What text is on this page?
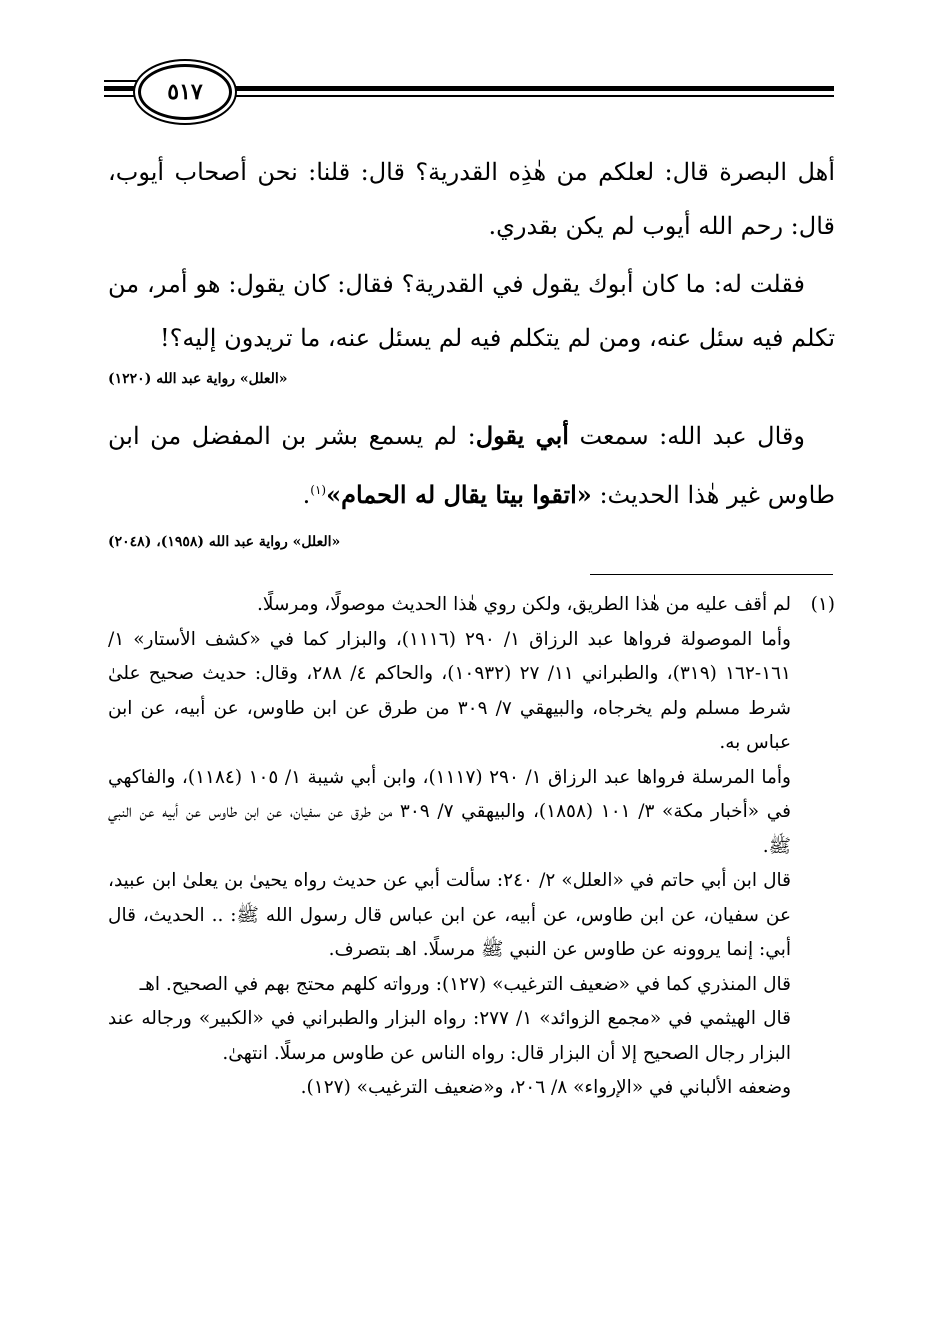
٥١٧

أهل البصرة قال: لعلكم من هٰذِه القدرية؟ قال: قلنا: نحن أصحاب أيوب، قال: رحم الله أيوب لم يكن بقدري.

فقلت له: ما كان أبوك يقول في القدرية؟ فقال: كان يقول: هو أمر، من تكلم فيه سئل عنه، ومن لم يتكلم فيه لم يسئل عنه، ما تريدون إليه؟!

«العلل» رواية عبد الله (١٢٢٠)

وقال عبد الله: سمعت أبي يقول: لم يسمع بشر بن المفضل من ابن طاوس غير هٰذا الحديث: «اتقوا بيتا يقال له الحمام»$^{(١)}$.

«العلل» رواية عبد الله (١٩٥٨)، (٢٠٤٨)

(١)
لم أقف عليه من هٰذا الطريق، ولكن روي هٰذا الحديث موصولًا، ومرسلًا.

وأما الموصولة فرواها عبد الرزاق ١/ ٢٩٠ (١١١٦)، والبزار كما في «كشف الأستار» ١/ ١٦١-١٦٢ (٣١٩)، والطبراني ١١/ ٢٧ (١٠٩٣٢)، والحاكم ٤/ ٢٨٨، وقال: حديث صحيح علىٰ شرط مسلم ولم يخرجاه، والبيهقي ٧/ ٣٠٩ من طرق عن ابن طاوس، عن أبيه، عن ابن عباس به.

وأما المرسلة فرواها عبد الرزاق ١/ ٢٩٠ (١١١٧)، وابن أبي شيبة ١/ ١٠٥ (١١٨٤)، والفاكهي في «أخبار مكة» ٣/ ١٠١ (١٨٥٨)، والبيهقي ٧/ ٣٠٩ من طرق عن سفيان، عن ابن طاوس عن أبيه عن النبي ﷺ.

قال ابن أبي حاتم في «العلل» ٢/ ٢٤٠: سألت أبي عن حديث رواه يحيىٰ بن يعلىٰ ابن عبيد، عن سفيان، عن ابن طاوس، عن أبيه، عن ابن عباس قال رسول الله ﷺ: .. الحديث، قال أبي: إنما يروونه عن طاوس عن النبي ﷺ مرسلًا. اهـ بتصرف.

قال المنذري كما في «ضعيف الترغيب» (١٢٧): ورواته كلهم محتج بهم في الصحيح. اهـ

قال الهيثمي في «مجمع الزوائد» ١/ ٢٧٧: رواه البزار والطبراني في «الكبير» ورجاله عند البزار رجال الصحيح إلا أن البزار قال: رواه الناس عن طاوس مرسلًا. انتهىٰ.

وضعفه الألباني في «الإرواء» ٨/ ٢٠٦، و«ضعيف الترغيب» (١٢٧).
